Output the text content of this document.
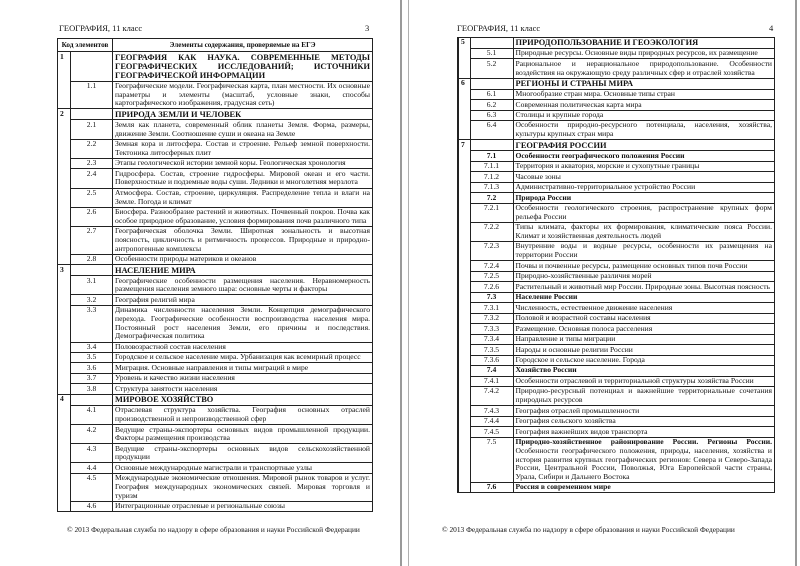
ГЕОГРАФИЯ, 11 класс	3
Код элементов		Элементы содержания, проверяемые на ЕГЭ
1		ГЕОГРАФИЯ КАК НАУКА. СОВРЕМЕННЫЕ МЕТОДЫ ГЕОГРАФИЧЕСКИХ ИССЛЕДОВАНИЙ; ИСТОЧНИКИ ГЕОГРАФИЧЕСКОЙ ИНФОРМАЦИИ
	1.1	Географические модели. Географическая карта, план местности. Их основные параметры и элементы (масштаб, условные знаки, способы картографического изображения, градусная сеть)
2		ПРИРОДА ЗЕМЛИ И ЧЕЛОВЕК
	2.1	Земля как планета, современный облик планеты Земля. Форма, размеры, движение Земли. Соотношение суши и океана на Земле
	2.2	Земная кора и литосфера. Состав и строение. Рельеф земной поверхности. Тектоника литосферных плит
	2.3	Этапы геологической истории земной коры. Геологическая хронология
	2.4	Гидросфера. Состав, строение гидросферы. Мировой океан и его части. Поверхностные и подземные воды суши. Ледники и многолетняя мерзлота
	2.5	Атмосфера. Состав, строение, циркуляция. Распределение тепла и влаги на Земле. Погода и климат
	2.6	Биосфера. Разнообразие растений и животных. Почвенный покров. Почва как особое природное образование, условия формирования почв различного типа
	2.7	Географическая оболочка Земли. Широтная зональность и высотная поясность, цикличность и ритмичность процессов. Природные и природно-антропогенные комплексы
	2.8	Особенности природы материков и океанов
3		НАСЕЛЕНИЕ МИРА
	3.1	Географические особенности размещения населения. Неравномерность размещения населения земного шара: основные черты и факторы
	3.2	География религий мира
	3.3	Динамика численности населения Земли. Концепция демографического перехода. Географические особенности воспроизводства населения мира. Постоянный рост населения Земли, его причины и последствия. Демографическая политика
	3.4	Половозрастной состав населения
	3.5	Городское и сельское население мира. Урбанизация как всемирный процесс
	3.6	Миграция. Основные направления и типы миграций в мире
	3.7	Уровень и качество жизни населения
	3.8	Структура занятости населения
4		МИРОВОЕ ХОЗЯЙСТВО
	4.1	Отраслевая структура хозяйства. География основных отраслей производственной и непроизводственной сфер
	4.2	Ведущие страны-экспортеры основных видов промышленной продукции. Факторы размещения производства
	4.3	Ведущие страны-экспортеры основных видов сельскохозяйственной продукции
	4.4	Основные международные магистрали и транспортные узлы
	4.5	Международные экономические отношения. Мировой рынок товаров и услуг. География международных экономических связей. Мировая торговля и туризм
	4.6	Интеграционные отраслевые и региональные союзы
© 2013 Федеральная служба по надзору в сфере образования и науки Российской Федерации
ГЕОГРАФИЯ, 11 класс	4
5		ПРИРОДОПОЛЬЗОВАНИЕ И ГЕОЭКОЛОГИЯ
	5.1	Природные ресурсы. Основные виды природных ресурсов, их размещение
	5.2	Рациональное и нерациональное природопользование. Особенности воздействия на окружающую среду различных сфер и отраслей хозяйства
6		РЕГИОНЫ И СТРАНЫ МИРА
	6.1	Многообразие стран мира. Основные типы стран
	6.2	Современная политическая карта мира
	6.3	Столицы и крупные города
	6.4	Особенности природно-ресурсного потенциала, населения, хозяйства, культуры крупных стран мира
7		ГЕОГРАФИЯ РОССИИ
	7.1	Особенности географического положения России
	7.1.1	Территория и акватория, морские и сухопутные границы
	7.1.2	Часовые зоны
	7.1.3	Административно-территориальное устройство России
	7.2	Природа России
	7.2.1	Особенности геологического строения, распространение крупных форм рельефа России
	7.2.2	Типы климата, факторы их формирования, климатические пояса России. Климат и хозяйственная деятельность людей
	7.2.3	Внутренние воды и водные ресурсы, особенности их размещения на территории России
	7.2.4	Почвы и почвенные ресурсы, размещение основных типов почв России
	7.2.5	Природно-хозяйственные различия морей
	7.2.6	Растительный и животный мир России. Природные зоны. Высотная поясность
	7.3	Население России
	7.3.1	Численность, естественное движение населения
	7.3.2	Половой и возрастной составы населения
	7.3.3	Размещение. Основная полоса расселения
	7.3.4	Направление и типы миграции
	7.3.5	Народы и основные религии России
	7.3.6	Городское и сельское население. Города
	7.4	Хозяйство России
	7.4.1	Особенности отраслевой и территориальной структуры хозяйства России
	7.4.2	Природно-ресурсный потенциал и важнейшие территориальные сочетания природных ресурсов
	7.4.3	География отраслей промышленности
	7.4.4	География сельского хозяйства
	7.4.5	География важнейших видов транспорта
	7.5	Природно-хозяйственное районирование России. Регионы России. Особенности географического положения, природы, населения, хозяйства и история развития крупных географических регионов: Севера и Северо-Запада России, Центральной России, Поволжья, Юга Европейской части страны, Урала, Сибири и Дальнего Востока
	7.6	Россия в современном мире
© 2013 Федеральная служба по надзору в сфере образования и науки Российской Федерации
